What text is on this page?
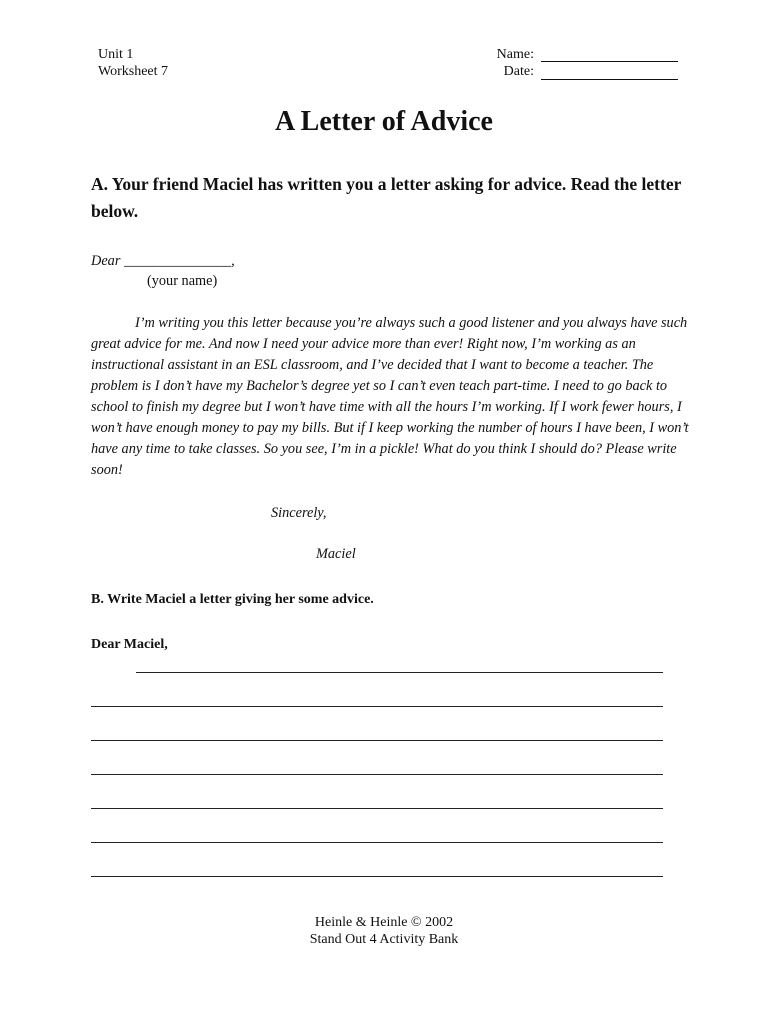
Unit 1
Worksheet 7
Name:
Date:
A Letter of Advice
A. Your friend Maciel has written you a letter asking for advice. Read the letter below.
Dear _______________,
(your name)
I’m writing you this letter because you’re always such a good listener and you always have such great advice for me. And now I need your advice more than ever! Right now, I’m working as an instructional assistant in an ESL classroom, and I’ve decided that I want to become a teacher. The problem is I don’t have my Bachelor’s degree yet so I can’t even teach part-time. I need to go back to school to finish my degree but I won’t have time with all the hours I’m working. If I work fewer hours, I won’t have enough money to pay my bills. But if I keep working the number of hours I have been, I won’t have any time to take classes. So you see, I’m in a pickle! What do you think I should do? Please write soon!
Sincerely,
Maciel
B. Write Maciel a letter giving her some advice.
Dear Maciel,
Heinle & Heinle © 2002
Stand Out 4 Activity Bank
